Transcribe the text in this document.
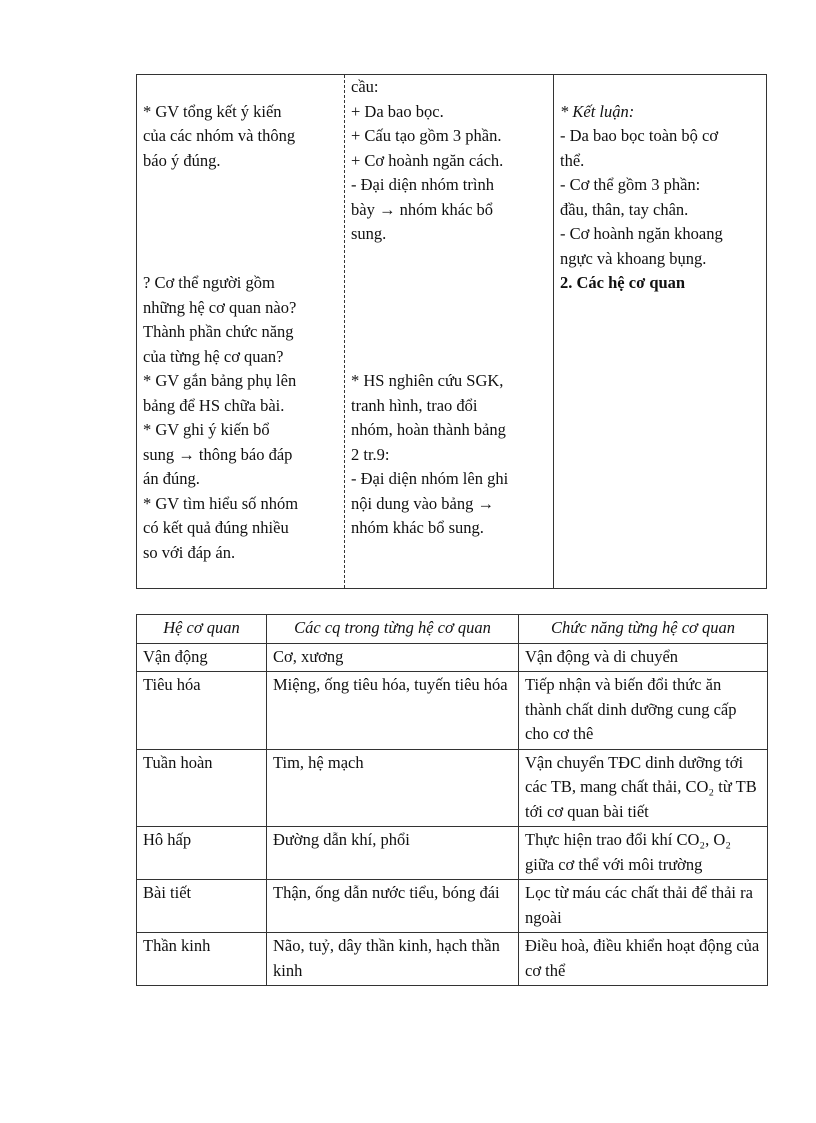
* GV tổng kết ý kiến
của các nhóm và thông
báo ý đúng.
? Cơ thể người gồm
những hệ cơ quan nào?
Thành phần chức năng
của từng hệ cơ quan?
* GV gắn bảng phụ lên
bảng để HS chữa bài.
* GV ghi ý kiến bổ
sung → thông báo đáp
án đúng.
* GV tìm hiểu số nhóm
có kết quả đúng nhiều
so với đáp án.
cầu:
+ Da bao bọc.
+ Cấu tạo gồm 3 phần.
+ Cơ hoành ngăn cách.
- Đại diện nhóm trình
bày → nhóm khác bổ
sung.
* HS nghiên cứu SGK,
tranh hình, trao đổi
nhóm, hoàn thành bảng
2 tr.9:
- Đại diện nhóm lên ghi
nội dung vào bảng →
nhóm khác bổ sung.
* Kết luận:
- Da bao bọc toàn bộ cơ
thể.
- Cơ thể gồm 3 phần:
đầu, thân, tay chân.
- Cơ hoành ngăn khoang
ngực và khoang bụng.
2. Các hệ cơ quan
Hệ cơ quan	Các cq trong từng hệ cơ quan	Chức năng từng hệ cơ quan
Vận động	Cơ, xương	Vận động và di chuyển
Tiêu hóa	Miệng, ống tiêu hóa, tuyến tiêu hóa	Tiếp nhận và biến đổi thức ăn thành chất dinh dưỡng cung cấp cho cơ thê
Tuần hoàn	Tim, hệ mạch	Vận chuyển TĐC dinh dưỡng tới các TB, mang chất thải, CO₂ từ TB tới cơ quan bài tiết
Hô hấp	Đường dẫn khí, phổi	Thực hiện trao đổi khí CO₂, O₂ giữa cơ thể với môi trường
Bài tiết	Thận, ống dẫn nước tiểu, bóng đái	Lọc từ máu các chất thải để thải ra ngoài
Thần kinh	Não, tuỷ, dây thần kinh, hạch thần kinh	Điều hoà, điều khiển hoạt động của cơ thể
